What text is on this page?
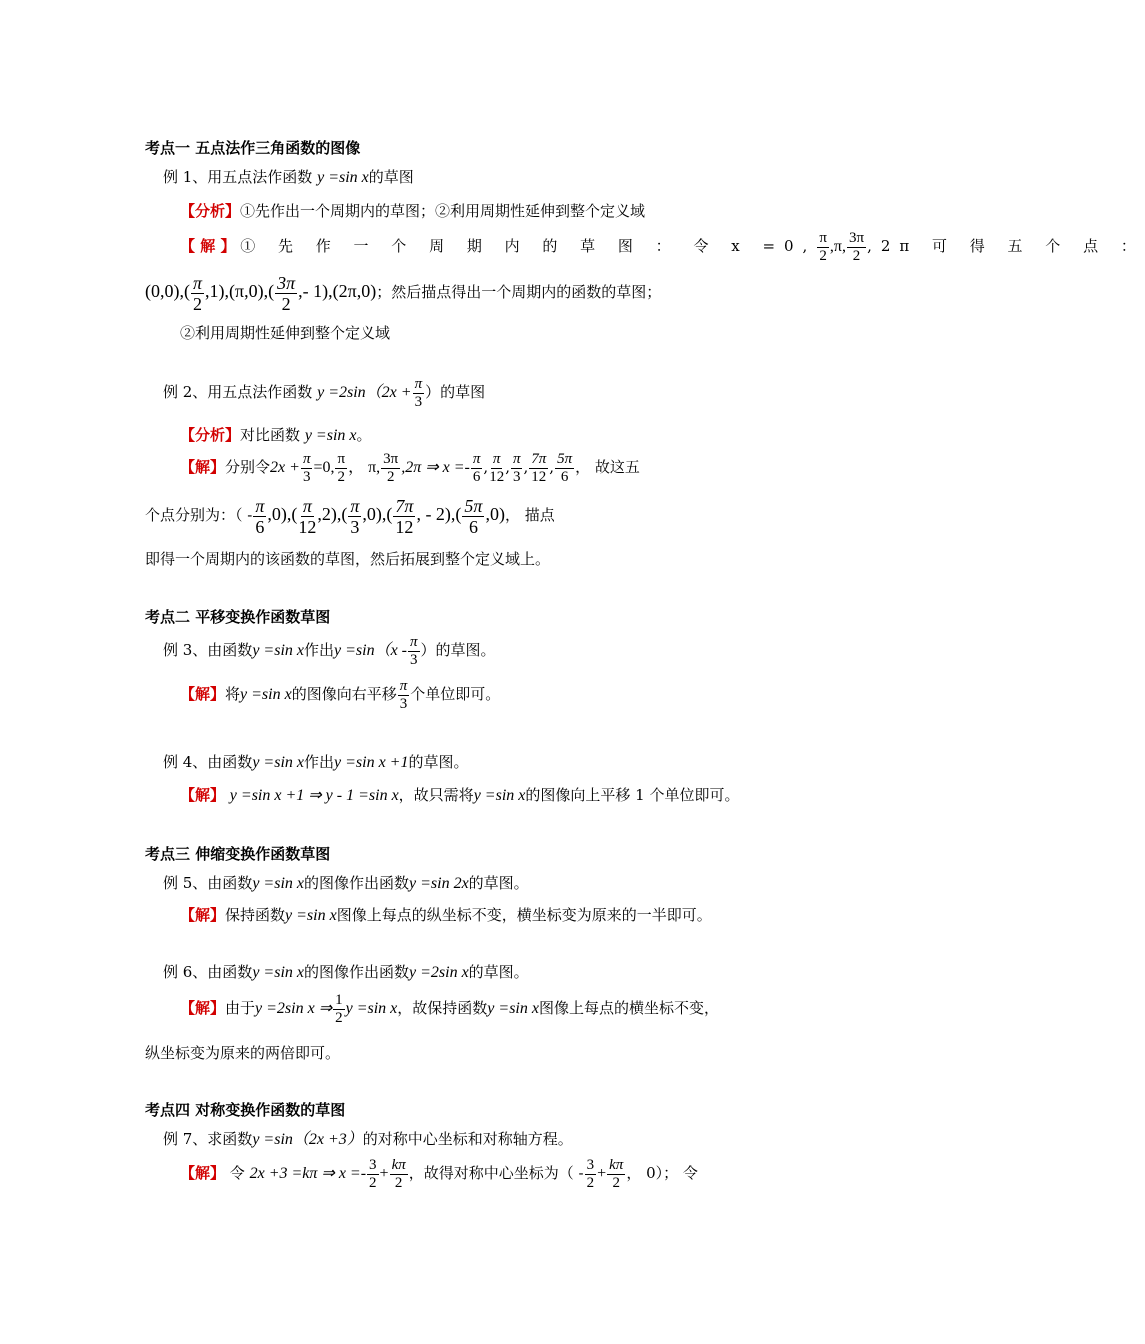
考点一 五点法作三角函数的图像
例 1、用五点法作函数 y =sin x的草图
【分析】①先作出一个周期内的草图；②利用周期性延伸到整个定义域
【 解 】 ① 先 作 一 个 周 期 内 的 草 图 ： 令 x =0, $\frac{\pi}{2} ,\pi$, $\frac{3\pi}{2} ,2\pi$ 可 得 五 个 点 ：
$(0,0),( \frac{\pi}{2} ,1),(\pi,0),( \frac{3\pi}{2}$ ,- 1),(2π,0)；然后描点得出一个周期内的函数的草图；
②利用周期性延伸到整个定义域
例 2、用五点法作函数 $y =2\sin(2x + \frac{\pi}{3}$ ）的草图
【分析】对比函数 y =sin x。
【解】分别令$2x + \frac{\pi}{3} =0$, $\frac{\pi}{2}$ ， π, $\frac{3\pi}{2} ,2\pi$ ⇒ $x =- \frac{\pi}{6}$ , $\frac{\pi}{12}$ , $\frac{\pi}{3}$ , $\frac{7\pi}{12}$ , $\frac{5\pi}{6}$ ， 故这五
个点分别为：（ - $\frac{\pi}{6} ,0),( \frac{\pi}{12} ,2),( \frac{\pi}{3} ,0),( \frac{7\pi}{12}$ , - $2),( \frac{5\pi}{6} ,0)$， 描点
即得一个周期内的该函数的草图，然后拓展到整个定义域上。
考点二 平移变换作函数草图
例 3、由函数y =sin x作出$y =\sin(x - \frac{\pi}{3}$ ）的草图。
【解】将y =sin x的图像向右平移 $\frac{\pi}{3}$ 个单位即可。
例 4、由函数y =sin x作出y =sin x +1的草图。
【解】 y =sin x +1 ⇒ y - 1 =sin x，故只需将y =sin x的图像向上平移 1 个单位即可。
考点三 伸缩变换作函数草图
例 5、由函数y =sin x的图像作出函数y =sin 2x的草图。
【解】保持函数y =sin x图像上每点的纵坐标不变，横坐标变为原来的一半即可。
例 6、由函数y =sin x的图像作出函数y =2sin x的草图。
【解】由于y =2sin x ⇒ $\frac{1}{2}$ y =sin x，故保持函数y =sin x图像上每点的横坐标不变，
纵坐标变为原来的两倍即可。
考点四 对称变换作函数的草图
例 7、求函数y =sin（2x +3）的对称中心坐标和对称轴方程。
【解】 令 2x +3 =kπ ⇒ $x =- \frac{3}{2} + \frac{k\pi}{2}$ ，故得对称中心坐标为（ - $\frac{3}{2} + \frac{k\pi}{2}$ ， 0）； 令
